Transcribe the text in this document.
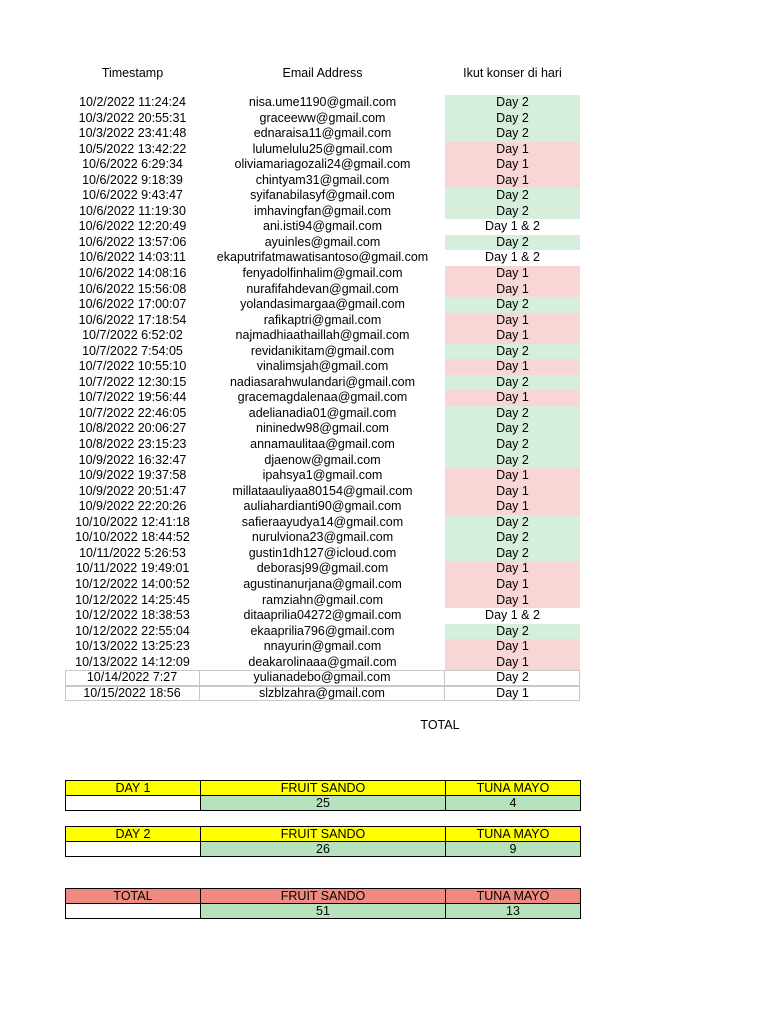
Timestamp	Email Address	Ikut konser di hari
10/2/2022 11:24:24	nisa.ume1190@gmail.com	Day 2
10/3/2022 20:55:31	graceeww@gmail.com	Day 2
10/3/2022 23:41:48	ednaraisa11@gmail.com	Day 2
10/5/2022 13:42:22	lulumelulu25@gmail.com	Day 1
10/6/2022 6:29:34	oliviamariagozali24@gmail.com	Day 1
10/6/2022 9:18:39	chintyam31@gmail.com	Day 1
10/6/2022 9:43:47	syifanabilasyf@gmail.com	Day 2
10/6/2022 11:19:30	imhavingfan@gmail.com	Day 2
10/6/2022 12:20:49	ani.isti94@gmail.com	Day 1 & 2
10/6/2022 13:57:06	ayuinles@gmail.com	Day 2
10/6/2022 14:03:11	ekaputrifatmawatisantoso@gmail.com	Day 1 & 2
10/6/2022 14:08:16	fenyadolfinhalim@gmail.com	Day 1
10/6/2022 15:56:08	nurafifahdevan@gmail.com	Day 1
10/6/2022 17:00:07	yolandasimargaa@gmail.com	Day 2
10/6/2022 17:18:54	rafikaptri@gmail.com	Day 1
10/7/2022 6:52:02	najmadhiaathaillah@gmail.com	Day 1
10/7/2022 7:54:05	revidanikitam@gmail.com	Day 2
10/7/2022 10:55:10	vinalimsjah@gmail.com	Day 1
10/7/2022 12:30:15	nadiasarahwulandari@gmail.com	Day 2
10/7/2022 19:56:44	gracemagdalenaa@gmail.com	Day 1
10/7/2022 22:46:05	adelianadia01@gmail.com	Day 2
10/8/2022 20:06:27	nininedw98@gmail.com	Day 2
10/8/2022 23:15:23	annamaulitaa@gmail.com	Day 2
10/9/2022 16:32:47	djaenow@gmail.com	Day 2
10/9/2022 19:37:58	ipahsya1@gmail.com	Day 1
10/9/2022 20:51:47	millataauliyaa80154@gmail.com	Day 1
10/9/2022 22:20:26	auliahardianti90@gmail.com	Day 1
10/10/2022 12:41:18	safieraayudya14@gmail.com	Day 2
10/10/2022 18:44:52	nurulviona23@gmail.com	Day 2
10/11/2022 5:26:53	gustin1dh127@icloud.com	Day 2
10/11/2022 19:49:01	deborasj99@gmail.com	Day 1
10/12/2022 14:00:52	agustinanurjana@gmail.com	Day 1
10/12/2022 14:25:45	ramziahn@gmail.com	Day 1
10/12/2022 18:38:53	ditaaprilia04272@gmail.com	Day 1 & 2
10/12/2022 22:55:04	ekaaprilia796@gmail.com	Day 2
10/13/2022 13:25:23	nnayurin@gmail.com	Day 1
10/13/2022 14:12:09	deakarolinaaa@gmail.com	Day 1
10/14/2022 7:27	yulianadebo@gmail.com	Day 2
10/15/2022 18:56	slzblzahra@gmail.com	Day 1
TOTAL
DAY 1	FRUIT SANDO	TUNA MAYO
	25	4
DAY 2	FRUIT SANDO	TUNA MAYO
	26	9
TOTAL	FRUIT SANDO	TUNA MAYO
	51	13
